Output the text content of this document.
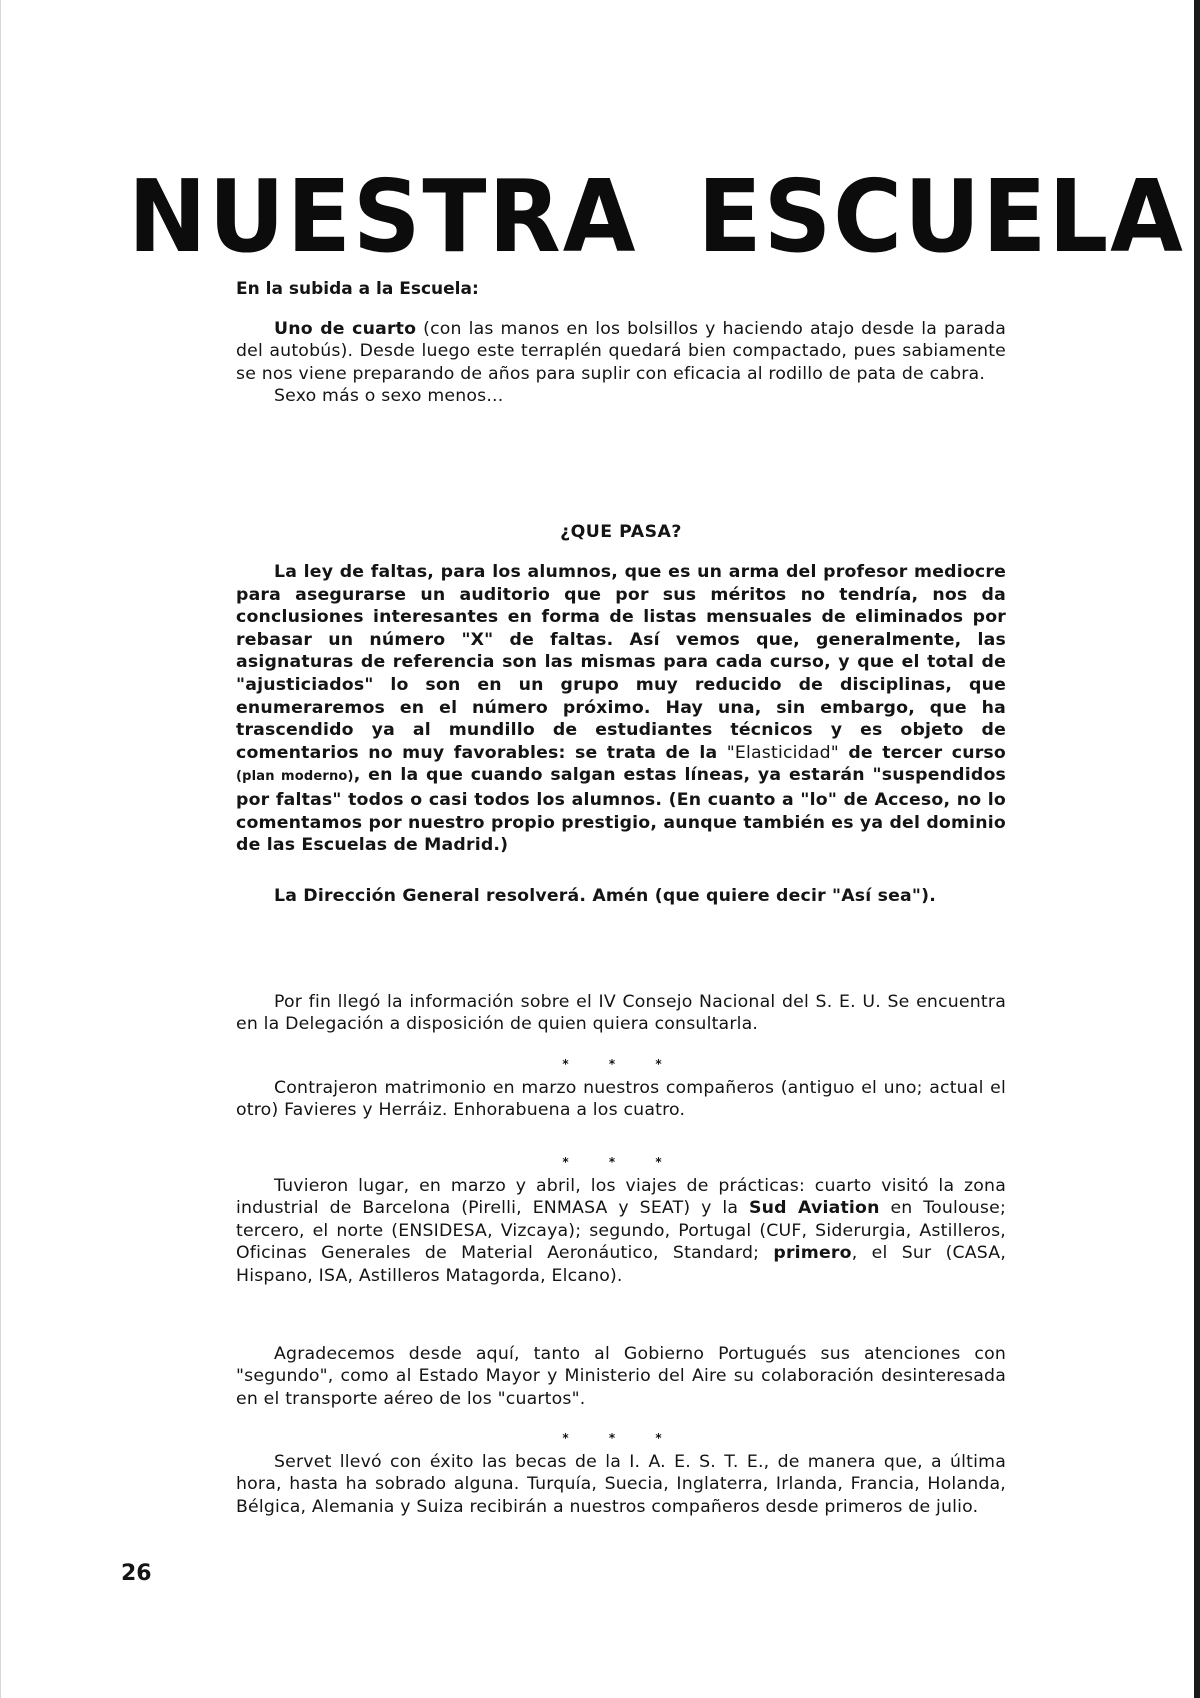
NUESTRA ESCUELA
En la subida a la Escuela:

Uno de cuarto (con las manos en los bolsillos y haciendo atajo desde la parada del autobús). Desde luego este terraplén quedará bien compactado, pues sabiamente se nos viene preparando de años para suplir con eficacia al rodillo de pata de cabra.

Sexo más o sexo menos...

¿QUE PASA?

La ley de faltas, para los alumnos, que es un arma del profesor mediocre para asegurarse un auditorio que por sus méritos no tendría, nos da conclusiones interesantes en forma de listas mensuales de eliminados por rebasar un número "X" de faltas. Así vemos que, generalmente, las asignaturas de referencia son las mismas para cada curso, y que el total de "ajusticiados" lo son en un grupo muy reducido de disciplinas, que enumeraremos en el número próximo. Hay una, sin embargo, que ha trascendido ya al mundillo de estudiantes técnicos y es objeto de comentarios no muy favorables: se trata de la "Elasticidad" de tercer curso (plan moderno), en la que cuando salgan estas líneas, ya estarán "suspendidos por faltas" todos o casi todos los alumnos. (En cuanto a "lo" de Acceso, no lo comentamos por nuestro propio prestigio, aunque también es ya del dominio de las Escuelas de Madrid.)

La Dirección General resolverá. Amén (que quiere decir "Así sea").

Por fin llegó la información sobre el IV Consejo Nacional del S. E. U. Se encuentra en la Delegación a disposición de quien quiera consultarla.

* * *

Contrajeron matrimonio en marzo nuestros compañeros (antiguo el uno; actual el otro) Favieres y Herráiz. Enhorabuena a los cuatro.

* * *

Tuvieron lugar, en marzo y abril, los viajes de prácticas: cuarto visitó la zona industrial de Barcelona (Pirelli, ENMASA y SEAT) y la Sud Aviation en Toulouse; tercero, el norte (ENSIDESA, Vizcaya); segundo, Portugal (CUF, Siderurgia, Astilleros, Oficinas Generales de Material Aeronáutico, Standard; primero, el Sur (CASA, Hispano, ISA, Astilleros Matagorda, Elcano).

Agradecemos desde aquí, tanto al Gobierno Portugués sus atenciones con "segundo", como al Estado Mayor y Ministerio del Aire su colaboración desinteresada en el transporte aéreo de los "cuartos".

* * *

Servet llevó con éxito las becas de la I. A. E. S. T. E., de manera que, a última hora, hasta ha sobrado alguna. Turquía, Suecia, Inglaterra, Irlanda, Francia, Holanda, Bélgica, Alemania y Suiza recibirán a nuestros compañeros desde primeros de julio.

26
